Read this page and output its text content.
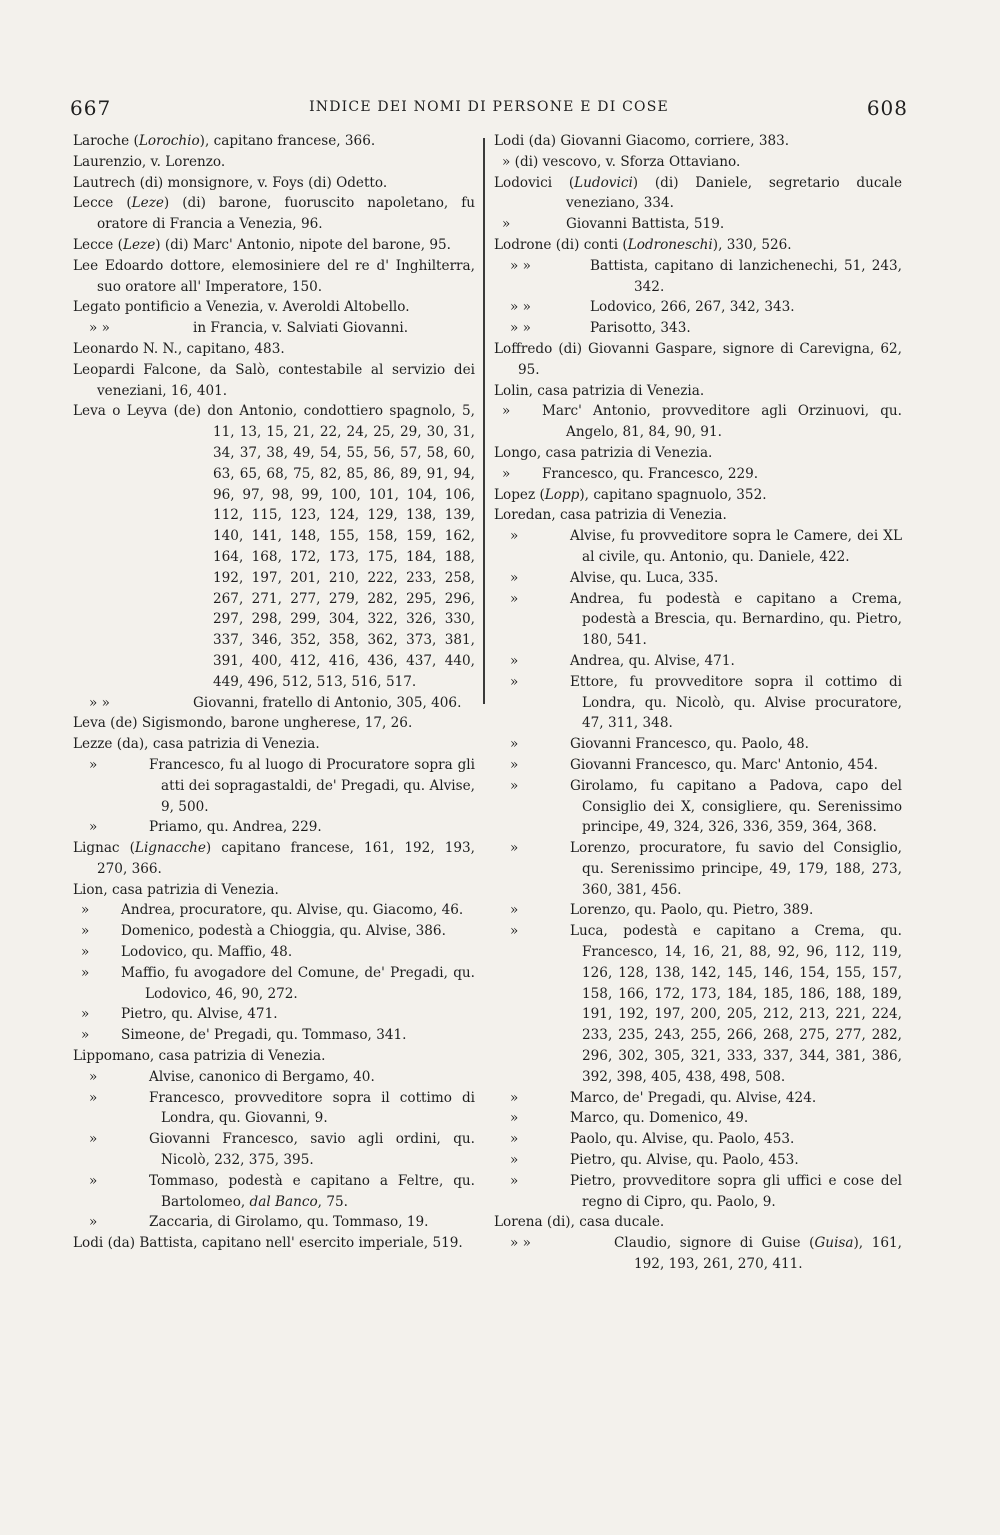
667	INDICE DEI NOMI DI PERSONE E DI COSE	608
Laroche (Lorochio), capitano francese, 366.
Laurenzio, v. Lorenzo.
Lautrech (di) monsignore, v. Foys (di) Odetto.
Lecce (Leze) (di) barone, fuoruscito napoletano, fu oratore di Francia a Venezia, 96.
Lecce (Leze) (di) Marc' Antonio, nipote del barone, 95.
Lee Edoardo dottore, elemosiniere del re d' Inghilterra, suo oratore all' Imperatore, 150.
Legato pontificio a Venezia, v. Averoldi Altobello.
» »	in Francia, v. Salviati Giovanni.
Leonardo N. N., capitano, 483.
Leopardi Falcone, da Salò, contestabile al servizio dei veneziani, 16, 401.
Leva o Leyva (de) don Antonio, condottiero spagnolo, 5, 11, 13, 15, 21, 22, 24, 25, 29, 30, 31, 34, 37, 38, 49, 54, 55, 56, 57, 58, 60, 63, 65, 68, 75, 82, 85, 86, 89, 91, 94, 96, 97, 98, 99, 100, 101, 104, 106, 112, 115, 123, 124, 129, 138, 139, 140, 141, 148, 155, 158, 159, 162, 164, 168, 172, 173, 175, 184, 188, 192, 197, 201, 210, 222, 233, 258, 267, 271, 277, 279, 282, 295, 296, 297, 298, 299, 304, 322, 326, 330, 337, 346, 352, 358, 362, 373, 381, 391, 400, 412, 416, 436, 437, 440, 449, 496, 512, 513, 516, 517.
» »	Giovanni, fratello di Antonio, 305, 406.
Leva (de) Sigismondo, barone ungherese, 17, 26.
Lezze (da), casa patrizia di Venezia.
»	Francesco, fu al luogo di Procuratore sopra gli atti dei sopragastaldi, de' Pregadi, qu. Alvise, 9, 500.
»	Priamo, qu. Andrea, 229.
Lignac (Lignacche) capitano francese, 161, 192, 193, 270, 366.
Lion, casa patrizia di Venezia.
» Andrea, procuratore, qu. Alvise, qu. Giacomo, 46.
» Domenico, podestà a Chioggia, qu. Alvise, 386.
» Lodovico, qu. Maffio, 48.
» Maffio, fu avogadore del Comune, de' Pregadi, qu. Lodovico, 46, 90, 272.
» Pietro, qu. Alvise, 471.
» Simeone, de' Pregadi, qu. Tommaso, 341.
Lippomano, casa patrizia di Venezia.
»	Alvise, canonico di Bergamo, 40.
»	Francesco, provveditore sopra il cottimo di Londra, qu. Giovanni, 9.
»	Giovanni Francesco, savio agli ordini, qu. Nicolò, 232, 375, 395.
»	Tommaso, podestà e capitano a Feltre, qu. Bartolomeo, dal Banco, 75.
»	Zaccaria, di Girolamo, qu. Tommaso, 19.
Lodi (da) Battista, capitano nell' esercito imperiale, 519.
Lodi (da) Giovanni Giacomo, corriere, 383.
» (di) vescovo, v. Sforza Ottaviano.
Lodovici (Ludovici) (di) Daniele, segretario ducale veneziano, 334.
»	Giovanni Battista, 519.
Lodrone (di) conti (Lodroneschi), 330, 526.
» »	Battista, capitano di lanzichenechi, 51, 243, 342.
» »	Lodovico, 266, 267, 342, 343.
» »	Parisotto, 343.
Loffredo (di) Giovanni Gaspare, signore di Carevigna, 62, 95.
Lolin, casa patrizia di Venezia.
» Marc' Antonio, provveditore agli Orzinuovi, qu. Angelo, 81, 84, 90, 91.
Longo, casa patrizia di Venezia.
» Francesco, qu. Francesco, 229.
Lopez (Lopp), capitano spagnuolo, 352.
Loredan, casa patrizia di Venezia.
»	Alvise, fu provveditore sopra le Camere, dei XL al civile, qu. Antonio, qu. Daniele, 422.
»	Alvise, qu. Luca, 335.
»	Andrea, fu podestà e capitano a Crema, podestà a Brescia, qu. Bernardino, qu. Pietro, 180, 541.
»	Andrea, qu. Alvise, 471.
»	Ettore, fu provveditore sopra il cottimo di Londra, qu. Nicolò, qu. Alvise procuratore, 47, 311, 348.
»	Giovanni Francesco, qu. Paolo, 48.
»	Giovanni Francesco, qu. Marc' Antonio, 454.
»	Girolamo, fu capitano a Padova, capo del Consiglio dei X, consigliere, qu. Serenissimo principe, 49, 324, 326, 336, 359, 364, 368.
»	Lorenzo, procuratore, fu savio del Consiglio, qu. Serenissimo principe, 49, 179, 188, 273, 360, 381, 456.
»	Lorenzo, qu. Paolo, qu. Pietro, 389.
»	Luca, podestà e capitano a Crema, qu. Francesco, 14, 16, 21, 88, 92, 96, 112, 119, 126, 128, 138, 142, 145, 146, 154, 155, 157, 158, 166, 172, 173, 184, 185, 186, 188, 189, 191, 192, 197, 200, 205, 212, 213, 221, 224, 233, 235, 243, 255, 266, 268, 275, 277, 282, 296, 302, 305, 321, 333, 337, 344, 381, 386, 392, 398, 405, 438, 498, 508.
»	Marco, de' Pregadi, qu. Alvise, 424.
»	Marco, qu. Domenico, 49.
»	Paolo, qu. Alvise, qu. Paolo, 453.
»	Pietro, qu. Alvise, qu. Paolo, 453.
»	Pietro, provveditore sopra gli uffici e cose del regno di Cipro, qu. Paolo, 9.
Lorena (di), casa ducale.
» »	Claudio, signore di Guise (Guisa), 161, 192, 193, 261, 270, 411.
